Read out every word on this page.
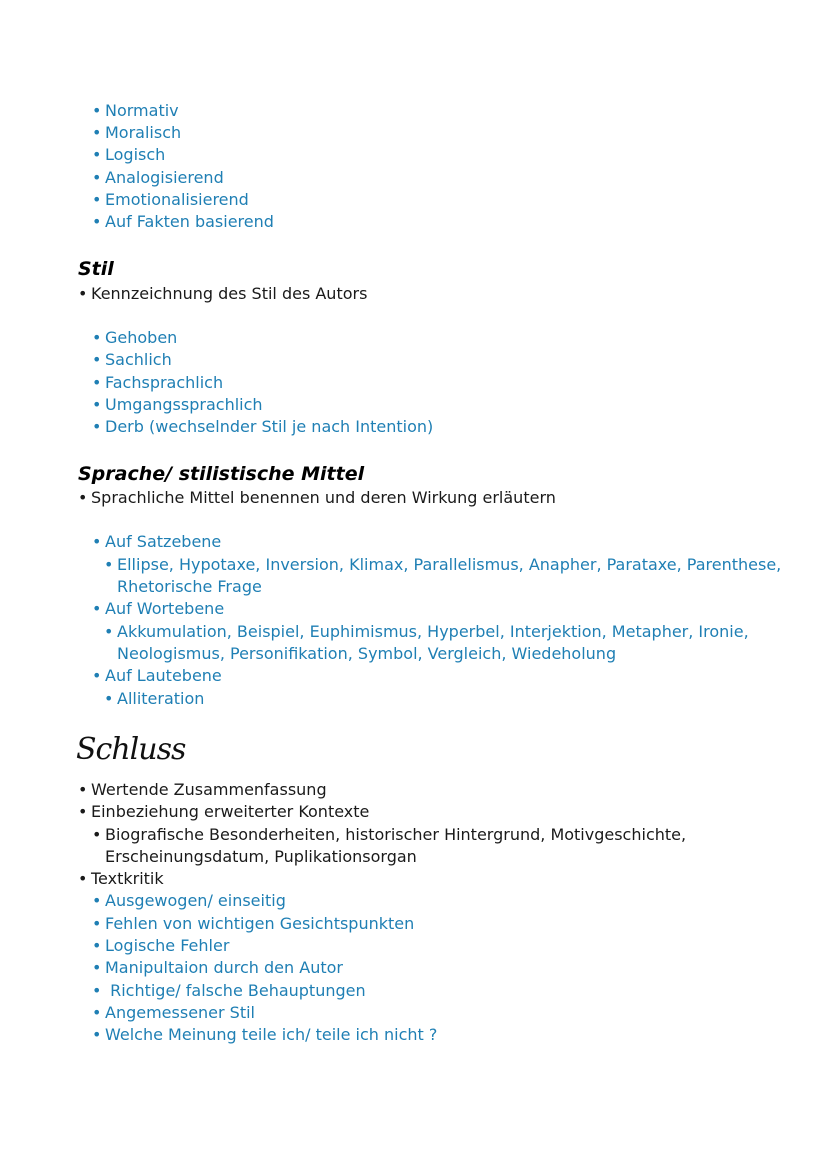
• Normativ
• Moralisch
• Logisch
• Analogisierend
• Emotionalisierend
• Auf Fakten basierend
Stil
• Kennzeichnung des Stil des Autors
• Gehoben
• Sachlich
• Fachsprachlich
• Umgangssprachlich
• Derb (wechselnder Stil je nach Intention)
Sprache/ stilistische Mittel
• Sprachliche Mittel benennen und deren Wirkung erläutern
• Auf Satzebene
• Ellipse, Hypotaxe, Inversion, Klimax, Parallelismus, Anapher, Parataxe, Parenthese,
Rhetorische Frage
• Auf Wortebene
• Akkumulation, Beispiel, Euphimismus, Hyperbel, Interjektion, Metapher, Ironie,
Neologismus, Personifikation, Symbol, Vergleich, Wiedeholung
• Auf Lautebene
• Alliteration
Schluss
• Wertende Zusammenfassung
• Einbeziehung erweiterter Kontexte
• Biografische Besonderheiten, historischer Hintergrund, Motivgeschichte,
Erscheinungsdatum, Puplikationsorgan
• Textkritik
• Ausgewogen/ einseitig
• Fehlen von wichtigen Gesichtspunkten
• Logische Fehler
• Manipultaion durch den Autor
• Richtige/ falsche Behauptungen
• Angemessener Stil
• Welche Meinung teile ich/ teile ich nicht ?
